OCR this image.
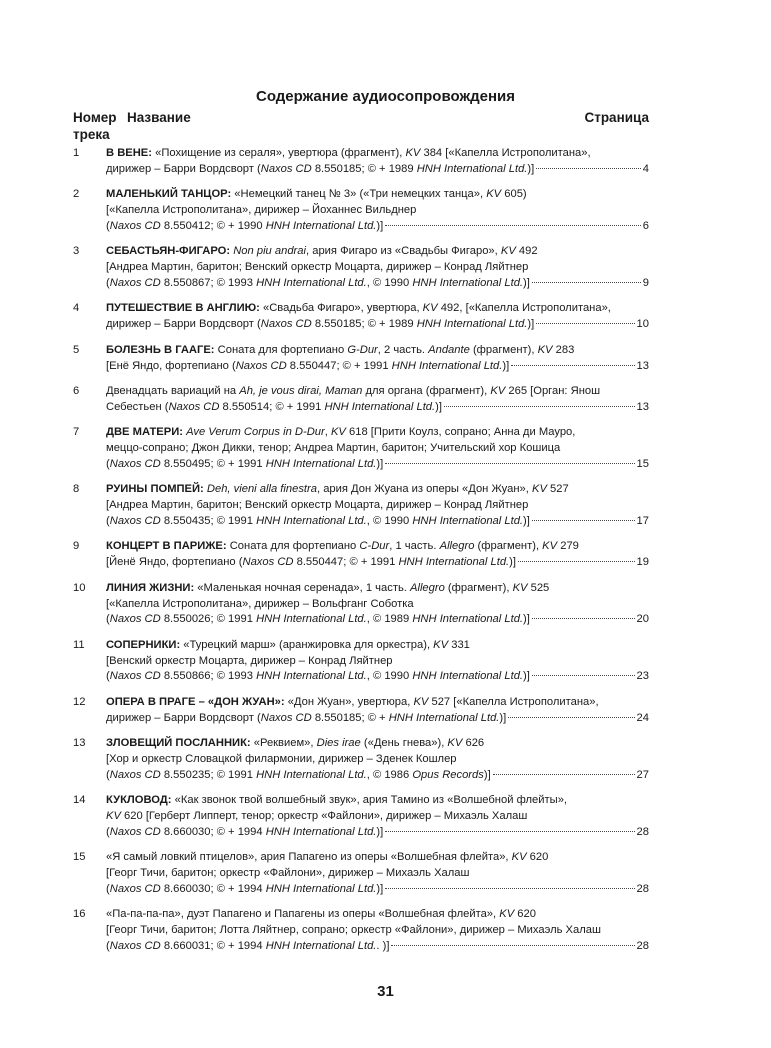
Содержание аудиосопровождения
Номер трека
Название	Страница
1	В ВЕНЕ: «Похищение из сераля», увертюра (фрагмент), KV 384 [«Капелла Истрополитана»,
дирижер – Барри Вордсворт (Naxos CD 8.550185; © + 1989 HNH International Ltd.)]	4
2	МАЛЕНЬКИЙ ТАНЦОР: «Немецкий танец № 3» («Три немецких танца», KV 605)
[«Капелла Истрополитана», дирижер – Йоханнес Вильднер
(Naxos CD 8.550412; © + 1990 HNH International Ltd.)]	6
3	СЕБАСТЬЯН-ФИГАРО: Non piu andrai, ария Фигаро из «Свадьбы Фигаро», KV 492
[Андреа Мартин, баритон; Венский оркестр Моцарта, дирижер – Конрад Ляйтнер
(Naxos CD 8.550867; © 1993 HNH International Ltd., © 1990 HNH International Ltd.)]	9
4	ПУТЕШЕСТВИЕ В АНГЛИЮ: «Свадьба Фигаро», увертюра, KV 492, [«Капелла Истрополитана»,
дирижер – Барри Вордсворт (Naxos CD 8.550185; © + 1989 HNH International Ltd.)]	10
5	БОЛЕЗНЬ В ГААГЕ: Соната для фортепиано G-Dur, 2 часть. Andante (фрагмент), KV 283
[Енё Яндо, фортепиано (Naxos CD 8.550447; © + 1991 HNH International Ltd.)]	13
6	Двенадцать вариаций на Ah, je vous dirai, Maman для органа (фрагмент), KV 265 [Орган: Янош
Себестьен (Naxos CD 8.550514; © + 1991 HNH International Ltd.)]	13
7	ДВЕ МАТЕРИ: Ave Verum Corpus in D-Dur, KV 618 [Прити Коулз, сопрано; Анна ди Мауро,
меццо-сопрано; Джон Дикки, тенор; Андреа Мартин, баритон; Учительский хор Кошица
(Naxos CD 8.550495; © + 1991 HNH International Ltd.)]	15
8	РУИНЫ ПОМПЕЙ: Deh, vieni alla finestra, ария Дон Жуана из оперы «Дон Жуан», KV 527
[Андреа Мартин, баритон; Венский оркестр Моцарта, дирижер – Конрад Ляйтнер
(Naxos CD 8.550435; © 1991 HNH International Ltd., © 1990 HNH International Ltd.)]	17
9	КОНЦЕРТ В ПАРИЖЕ: Соната для фортепиано C-Dur, 1 часть. Allegro (фрагмент), KV 279
[Йенё Яндо, фортепиано (Naxos CD 8.550447; © + 1991 HNH International Ltd.)]	19
10	ЛИНИЯ ЖИЗНИ: «Маленькая ночная серенада», 1 часть. Allegro (фрагмент), KV 525
[«Капелла Истрополитана», дирижер – Вольфганг Соботка
(Naxos CD 8.550026; © 1991 HNH International Ltd., © 1989 HNH International Ltd.)]	20
11	СОПЕРНИКИ: «Турецкий марш» (аранжировка для оркестра), KV 331
[Венский оркестр Моцарта, дирижер – Конрад Ляйтнер
(Naxos CD 8.550866; © 1993 HNH International Ltd., © 1990 HNH International Ltd.)]	23
12	ОПЕРА В ПРАГЕ – «ДОН ЖУАН»: «Дон Жуан», увертюра, KV 527 [«Капелла Истрополитана»,
дирижер – Барри Вордсворт (Naxos CD 8.550185; © + HNH International Ltd.)]	24
13	ЗЛОВЕЩИЙ ПОСЛАННИК: «Реквием», Dies irae («День гнева»), KV 626
[Хор и оркестр Словацкой филармонии, дирижер – Зденек Кошлер
(Naxos CD 8.550235; © 1991 HNH International Ltd., © 1986 Opus Records)]	27
14	КУКЛОВОД: «Как звонок твой волшебный звук», ария Тамино из «Волшебной флейты»,
KV 620 [Герберт Липперт, тенор; оркестр «Файлони», дирижер – Михаэль Халаш
(Naxos CD 8.660030; © + 1994 HNH International Ltd.)]	28
15	«Я самый ловкий птицелов», ария Папагено из оперы «Волшебная флейта», KV 620
[Георг Тичи, баритон; оркестр «Файлони», дирижер – Михаэль Халаш
(Naxos CD 8.660030; © + 1994 HNH International Ltd.)]	28
16	«Па-па-па-па», дуэт Папагено и Папагены из оперы «Волшебная флейта», KV 620
[Георг Тичи, баритон; Лотта Ляйтнер, сопрано; оркестр «Файлони», дирижер – Михаэль Халаш
(Naxos CD 8.660031; © + 1994 HNH International Ltd.. )]	28
31
